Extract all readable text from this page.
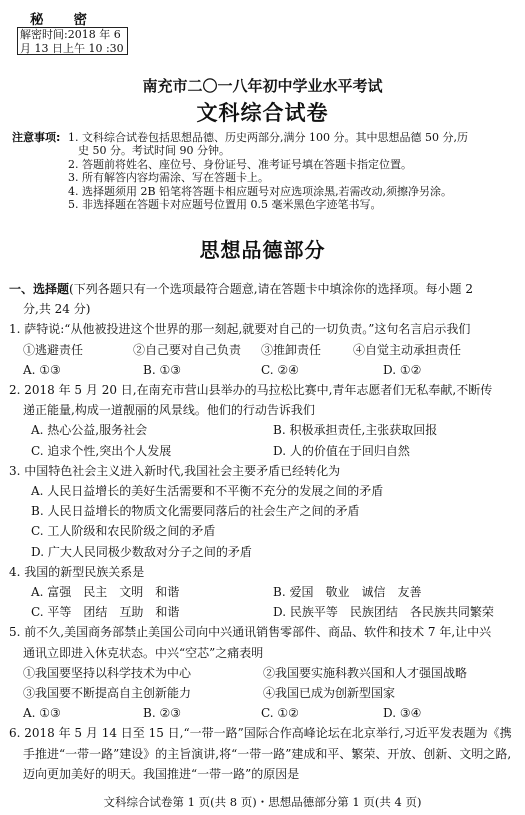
秘 密
解密时间:2018 年 6
月 13 日上午 10 :30
南充市二〇一八年初中学业水平考试
文科综合试卷
注意事项: 1. 文科综合试卷包括思想品德、历史两部分,满分 100 分。其中思想品德 50 分,历
史 50 分。考试时间 90 分钟。
2. 答题前将姓名、座位号、身份证号、准考证号填在答题卡指定位置。
3. 所有解答内容均需涂、写在答题卡上。
4. 选择题须用 2B 铅笔将答题卡相应题号对应选项涂黑,若需改动,须擦净另涂。
5. 非选择题在答题卡对应题号位置用 0.5 毫米黑色字迹笔书写。
思想品德部分
一、选择题(下列各题只有一个选项最符合题意,请在答题卡中填涂你的选择项。每小题 2
分,共 24 分)
1. 萨特说:“从他被投进这个世界的那一刻起,就要对自己的一切负责。”这句名言启示我们
①逃避责任	②自己要对自己负责	③推卸责任	④自觉主动承担责任
A. ①③	B. ①③	C. ②④	D. ①②
2. 2018 年 5 月 20 日,在南充市营山县举办的马拉松比赛中,青年志愿者们无私奉献,不断传
递正能量,构成一道靓丽的风景线。他们的行动告诉我们
A. 热心公益,服务社会	B. 积极承担责任,主张获取回报
C. 追求个性,突出个人发展	D. 人的价值在于回归自然
3. 中国特色社会主义进入新时代,我国社会主要矛盾已经转化为
A. 人民日益增长的美好生活需要和不平衡不充分的发展之间的矛盾
B. 人民日益增长的物质文化需要同落后的社会生产之间的矛盾
C. 工人阶级和农民阶级之间的矛盾
D. 广大人民同极少数敌对分子之间的矛盾
4. 我国的新型民族关系是
A. 富强　民主　文明　和谐	B. 爱国　敬业　诚信　友善
C. 平等　团结　互助　和谐	D. 民族平等　民族团结　各民族共同繁荣
5. 前不久,美国商务部禁止美国公司向中兴通讯销售零部件、商品、软件和技术 7 年,让中兴
通讯立即进入休克状态。中兴“空芯”之痛表明
①我国要坚持以科学技术为中心	②我国要实施科教兴国和人才强国战略
③我国要不断提高自主创新能力	④我国已成为创新型国家
A. ①③	B. ②③	C. ①②	D. ③④
6. 2018 年 5 月 14 日至 15 日,“一带一路”国际合作高峰论坛在北京举行,习近平发表题为《携
手推进“一带一路”建设》的主旨演讲,将“一带一路”建成和平、繁荣、开放、创新、文明之路,
迈向更加美好的明天。我国推进“一带一路”的原因是
文科综合试卷第 1 页(共 8 页)・思想品德部分第 1 页(共 4 页)
